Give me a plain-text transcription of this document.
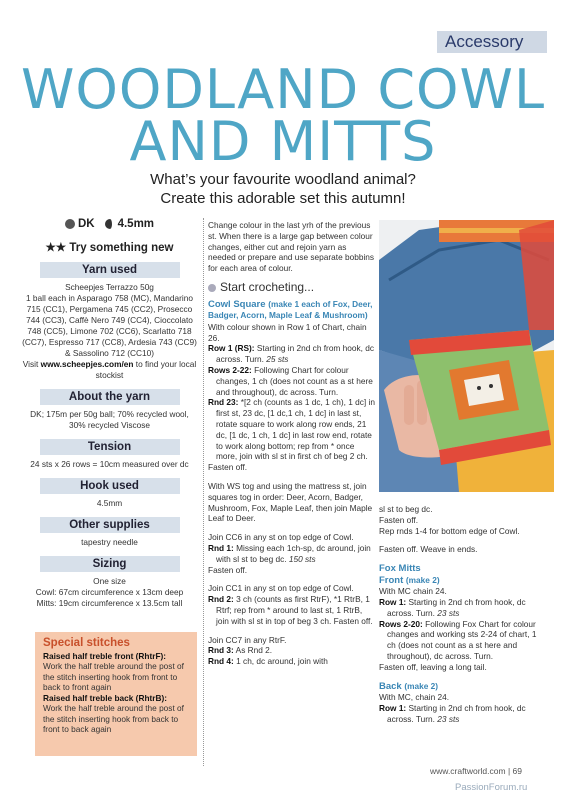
Accessory
WOODLAND COWL
AND MITTS
What’s your favourite woodland animal?
Create this adorable set this autumn!
DK	4.5mm
★★ Try something new
Yarn used
Scheepjes Terrazzo 50g
1 ball each in Asparago 758 (MC), Mandarino 715 (CC1), Pergamena 745 (CC2), Prosecco 744 (CC3), Caffè Nero 749 (CC4), Cioccolato 748 (CC5), Limone 702 (CC6), Scarlatto 718 (CC7), Espresso 717 (CC8), Ardesia 743 (CC9) & Sassolino 712 (CC10)
Visit www.scheepjes.com/en to find your local stockist
About the yarn
DK; 175m per 50g ball; 70% recycled wool, 30% recycled Viscose
Tension
24 sts x 26 rows = 10cm measured over dc
Hook used
4.5mm
Other supplies
tapestry needle
Sizing
One size
Cowl: 67cm circumference x 13cm deep
Mitts: 19cm circumference x 13.5cm tall
Special stitches
Raised half treble front (RhtrF):
Work the half treble around the post of the stitch inserting hook from front to back to front again
Raised half treble back (RhtrB):
Work the half treble around the post of the stitch inserting hook from back to front to back again

Change colour in the last yrh of the previous st. When there is a large gap between colour changes, either cut and rejoin yarn as needed or prepare and use separate bobbins for each area of colour.

Start crocheting...

Cowl Square (make 1 each of Fox, Deer, Badger, Acorn, Maple Leaf & Mushroom)
With colour shown in Row 1 of Chart, chain 26.
Row 1 (RS): Starting in 2nd ch from hook, dc across. Turn. 25 sts
Rows 2-22: Following Chart for colour changes, 1 ch (does not count as a st here and throughout), dc across. Turn.
Rnd 23: *[2 ch (counts as 1 dc, 1 ch), 1 dc] in first st, 23 dc, [1 dc,1 ch, 1 dc] in last st, rotate square to work along row ends, 21 dc, [1 dc, 1 ch, 1 dc] in last row end, rotate to work along bottom; rep from * once more, join with sl st in first ch of beg 2 ch.

Fasten off.

With WS tog and using the mattress st, join squares tog in order: Deer, Acorn, Badger, Mushroom, Fox, Maple Leaf, then join Maple Leaf to Deer.

Join CC6 in any st on top edge of Cowl.
Rnd 1: Missing each 1ch-sp, dc around, join with sl st to beg dc. 150 sts

Fasten off.

Join CC1 in any st on top edge of Cowl.

Rnd 2: 3 ch (counts as first RtrF), *1 RtrB, 1 Rtrf; rep from * around to last st, 1 RtrB, join with sl st in top of beg 3 ch. Fasten off.

Join CC7 in any RtrF.
Rnd 3: As Rnd 2.
Rnd 4: 1 ch, dc around, join with
sl st to beg dc.
Fasten off.

Rep rnds 1-4 for bottom edge of Cowl.

Fasten off. Weave in ends.

Fox Mitts
Front (make 2)
With MC chain 24.
Row 1: Starting in 2nd ch from hook, dc across. Turn. 23 sts
Rows 2-20: Following Fox Chart for colour changes and working sts 2-24 of chart, 1 ch (does not count as a st here and throughout), dc across. Turn.

Fasten off, leaving a long tail.

Back (make 2)
With MC, chain 24.
Row 1: Starting in 2nd ch from hook, dc across. Turn. 23 sts
www.craftworld.com | 69
PassionForum.ru
